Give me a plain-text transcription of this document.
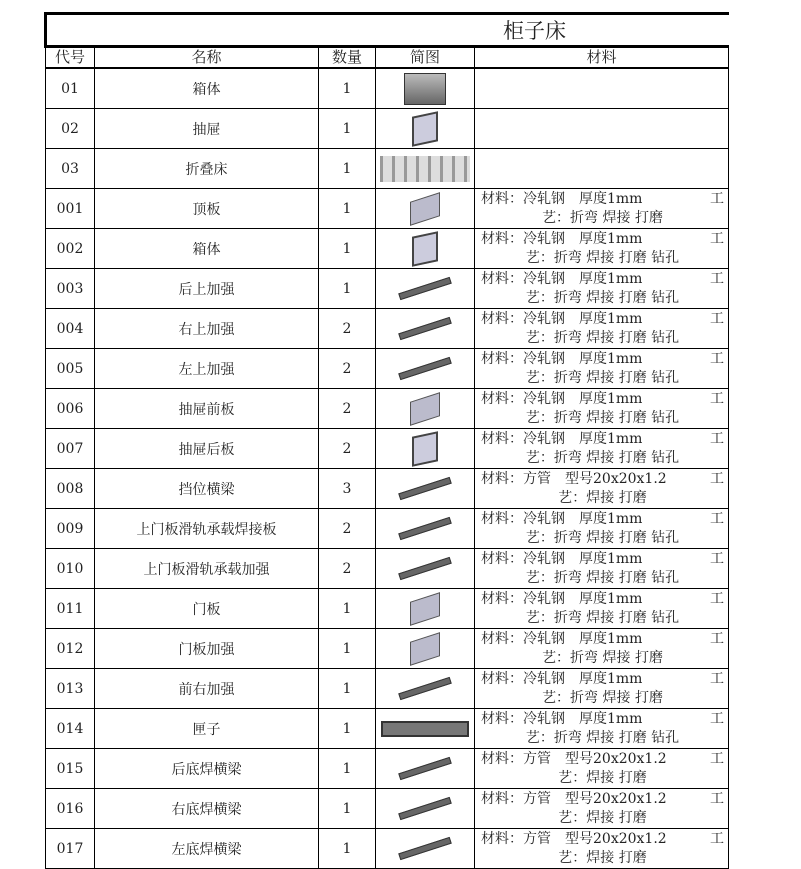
柜子床				
代号	名称	数量	简图	材料
01	箱体	1		
02	抽屉	1		
03	折叠床	1		
001	顶板	1		材料：冷轧钢　厚度1mm 工
艺：折弯 焊接 打磨

002	箱体	1		材料：冷轧钢　厚度1mm 工
艺：折弯 焊接 打磨 钻孔

003	后上加强	1		材料：冷轧钢　厚度1mm 工
艺：折弯 焊接 打磨 钻孔

004	右上加强	2		材料：冷轧钢　厚度1mm 工
艺：折弯 焊接 打磨 钻孔

005	左上加强	2		材料：冷轧钢　厚度1mm 工
艺：折弯 焊接 打磨 钻孔

006	抽屉前板	2		材料：冷轧钢　厚度1mm 工
艺：折弯 焊接 打磨 钻孔

007	抽屉后板	2		材料：冷轧钢　厚度1mm 工
艺：折弯 焊接 打磨 钻孔

008	挡位横梁	3		材料：方管　型号20x20x1.2 工
艺：焊接 打磨

009	上门板滑轨承载焊接板	2		材料：冷轧钢　厚度1mm 工
艺：折弯 焊接 打磨 钻孔

010	上门板滑轨承载加强	2		材料：冷轧钢　厚度1mm 工
艺：折弯 焊接 打磨 钻孔

011	门板	1		材料：冷轧钢　厚度1mm 工
艺：折弯 焊接 打磨 钻孔

012	门板加强	1		材料：冷轧钢　厚度1mm 工
艺：折弯 焊接 打磨

013	前右加强	1		材料：冷轧钢　厚度1mm 工
艺：折弯 焊接 打磨

014	匣子	1		材料：冷轧钢　厚度1mm 工
艺：折弯 焊接 打磨 钻孔

015	后底焊横梁	1		材料：方管　型号20x20x1.2 工
艺：焊接 打磨

016	右底焊横梁	1		材料：方管　型号20x20x1.2 工
艺：焊接 打磨

017	左底焊横梁	1		材料：方管　型号20x20x1.2 工
艺：焊接 打磨
